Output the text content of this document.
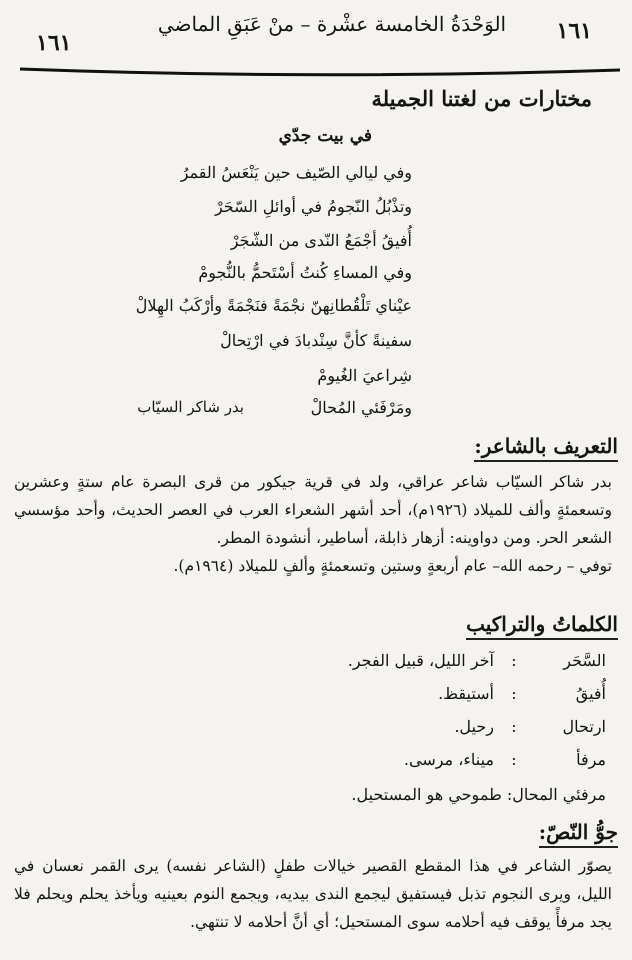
١٦١
الوَحْدَةُ الخامسة عشْرة – منْ عَبَقِ الماضي
١٦١
مختارات من لغتنا الجميلة
في بيت جدّي
وفي ليالي الصّيف حين يَنْعَسُ القمرُ
وتذْبُلُ النّجومُ في أوائلِ السّحَرْ
أُفيقُ أجْمَعُ النّدى من الشّجَرْ
وفي المساءِ كُنتُ أسْتَحمُّ بالنُّجومْ
عيْناي تَلْقُطانِهنّ نجْمَةً فنَجْمَةً وأرْكَبُ الهِلالْ
سفينةً كأنَّ سِنْدبادَ في ارْتِحالْ
شِراعيَ الغُيومْ
ومَرْفَئي المُحالْ
بدر شاكر السيّاب
التعريف بالشاعر:

بدر شاكر السيّاب شاعر عراقي، ولد في قرية جيكور من قرى البصرة عام ستةٍ وعشرين وتسعمئةٍ وألف للميلاد (١٩٢٦م)، أحد أشهر الشعراء العرب في العصر الحديث، وأحد مؤسسي الشعر الحر. ومن دواوينه: أزهار ذابلة، أساطير، أنشودة المطر.

توفي – رحمه الله– عام أربعةٍ وستين وتسعمئةٍ وألفٍ للميلاد (١٩٦٤م).

الكلماتُ والتراكيب
السَّحَر:آخر الليل، قبيل الفجر.
أُفيقُ:أستيقظ.
ارتحال:رحيل.
مرفأ:ميناء، مرسى.
مرفئي المحال: طموحي هو المستحيل.
جوُّ النّصّ:

يصوّر الشاعر في هذا المقطع القصير خيالات طفلٍ (الشاعر نفسه) يرى القمر نعسان في الليل، ويرى النجوم تذبل فيستفيق ليجمع الندى بيديه، ويجمع النوم بعينيه ويأخذ يحلم ويحلم فلا يجد مرفأً يوقف فيه أحلامه سوى المستحيل؛ أي أنَّ أحلامه لا تنتهي.
